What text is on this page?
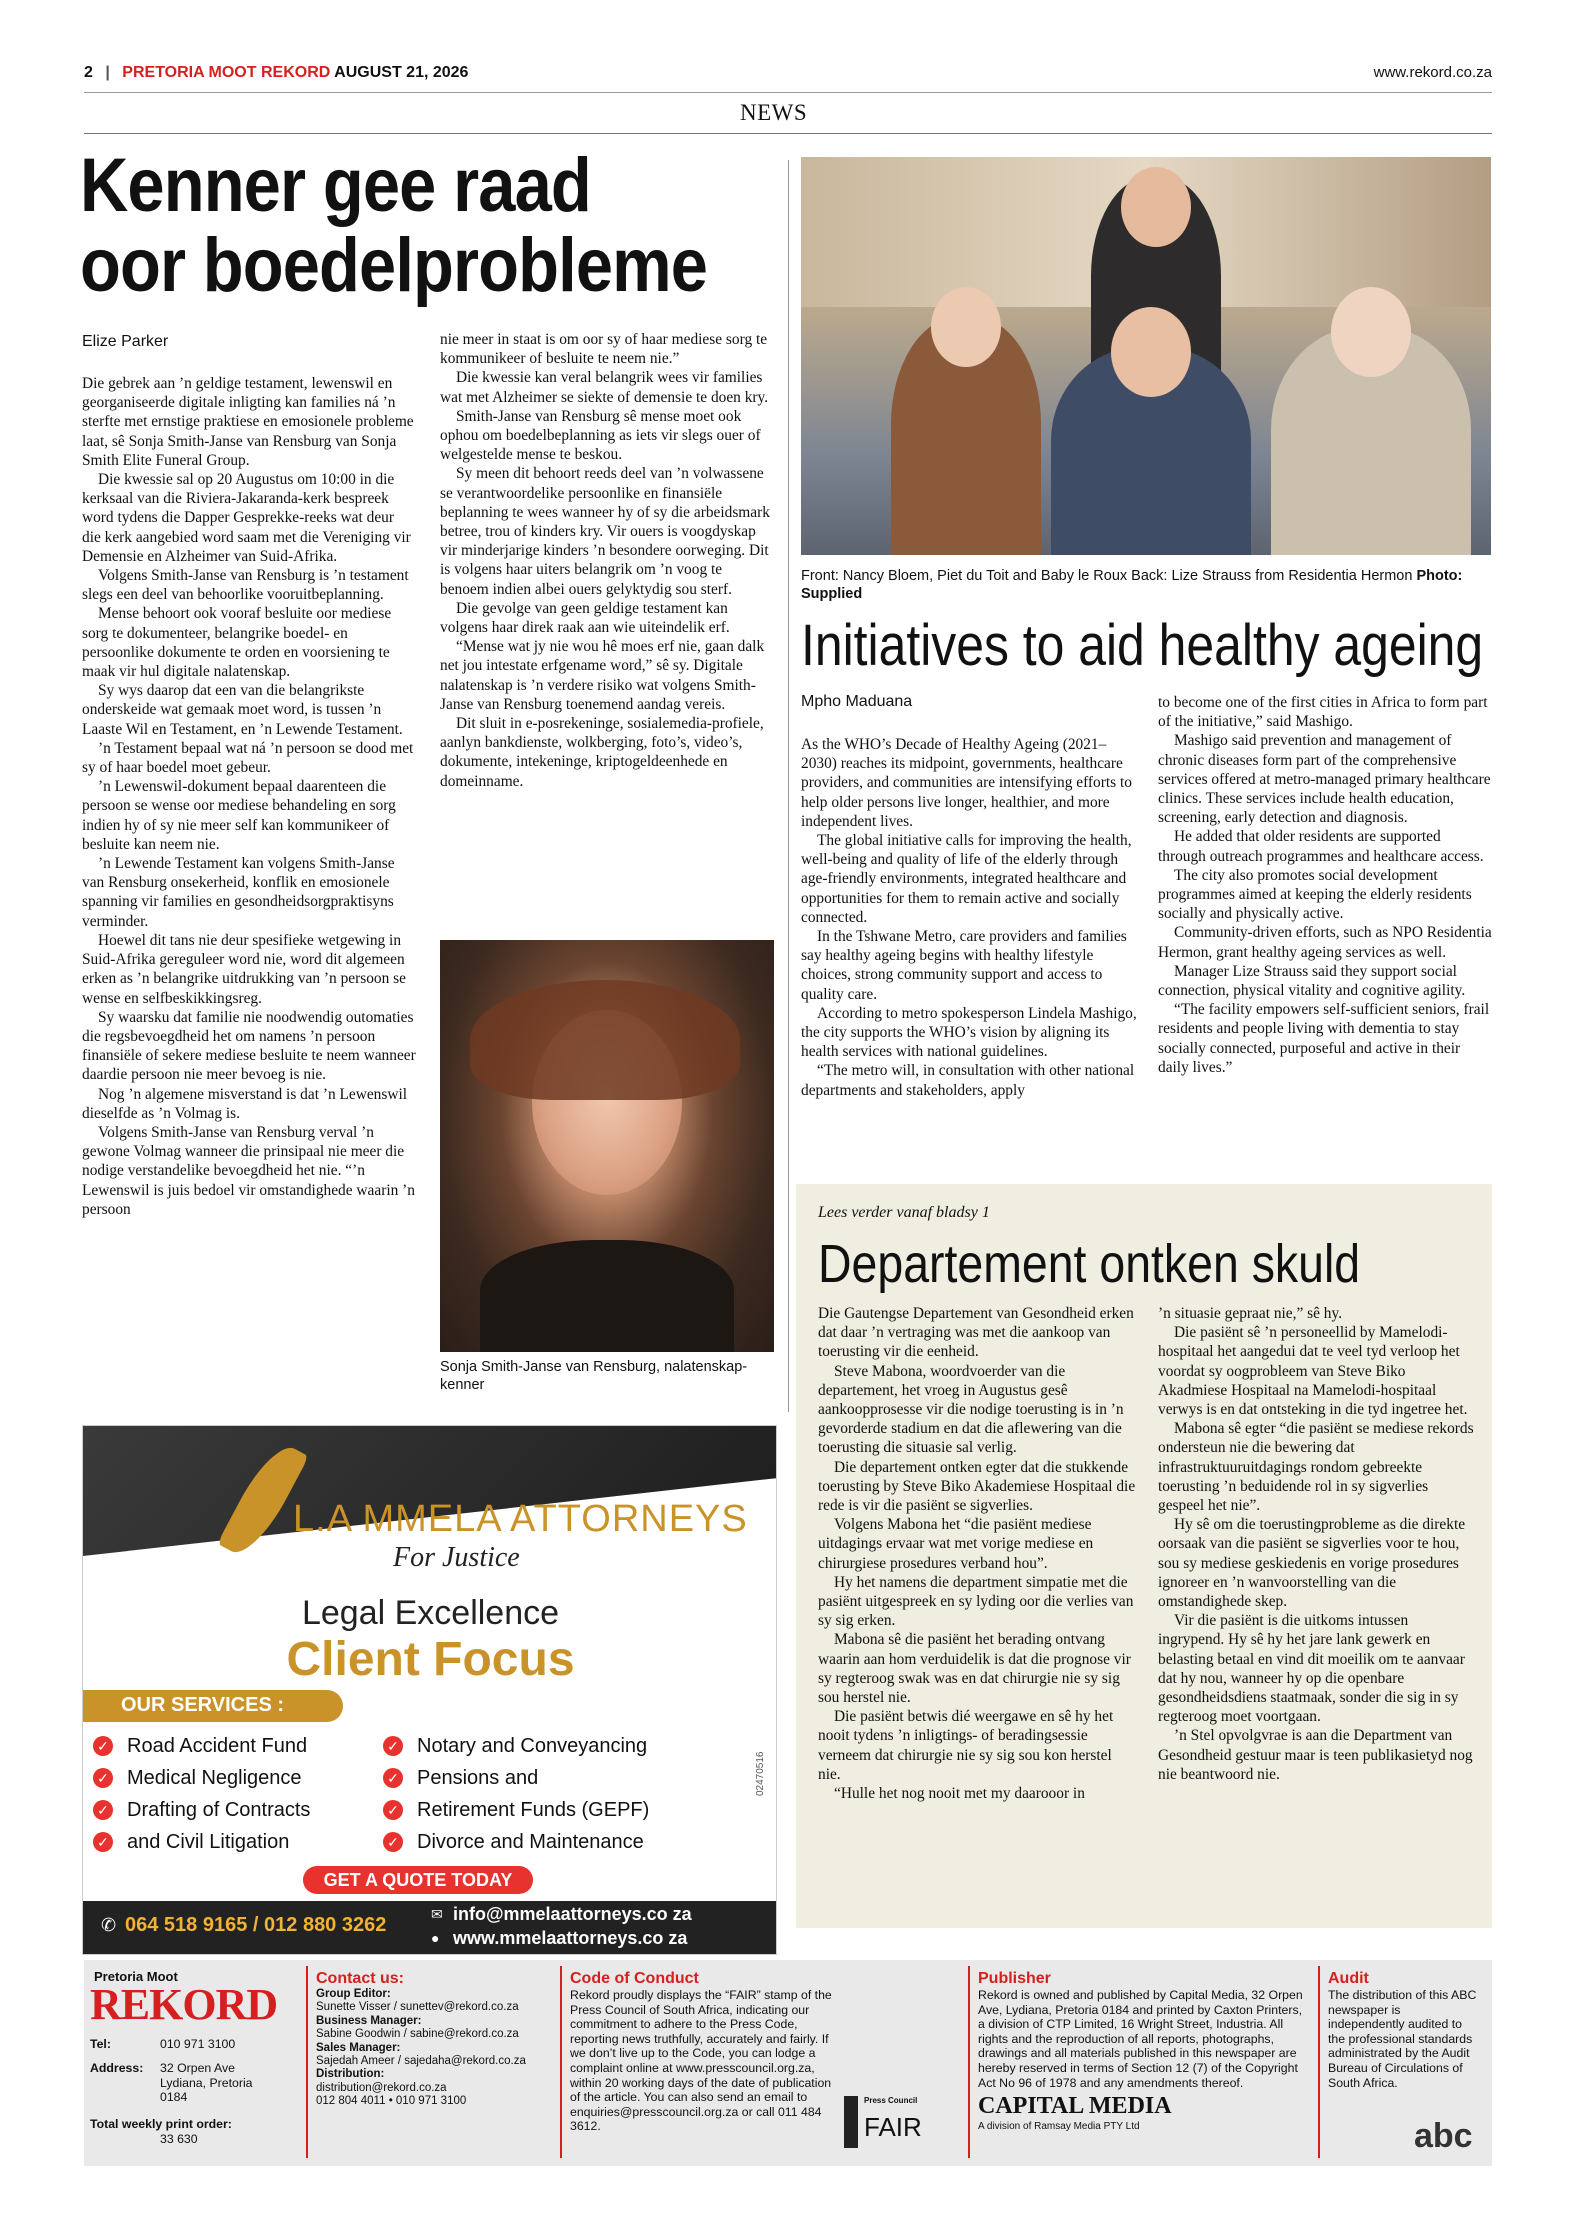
2 | PRETORIA MOOT REKORD AUGUST 21, 2026	www.rekord.co.za
NEWS
Kenner gee raad
oor boedelprobleme
Elize Parker

Die gebrek aan ’n geldige testament, lewenswil en georganiseerde digitale inligting kan families ná ’n sterfte met ernstige praktiese en emosionele probleme laat, sê Sonja Smith-Janse van Rensburg van Sonja Smith Elite Funeral Group.

Die kwessie sal op 20 Augustus om 10:00 in die kerksaal van die Riviera-Jakaranda-kerk bespreek word tydens die Dapper Gesprekke-reeks wat deur die kerk aangebied word saam met die Vereniging vir Demensie en Alzheimer van Suid-Afrika.

Volgens Smith-Janse van Rensburg is ’n testament slegs een deel van behoorlike vooruitbeplanning.

Mense behoort ook vooraf besluite oor mediese sorg te dokumenteer, belangrike boedel- en persoonlike dokumente te orden en voorsiening te maak vir hul digitale nalatenskap.

Sy wys daarop dat een van die belangrikste onderskeide wat gemaak moet word, is tussen ’n Laaste Wil en Testament, en ’n Lewende Testament.

’n Testament bepaal wat ná ’n persoon se dood met sy of haar boedel moet gebeur.

’n Lewenswil-dokument bepaal daarenteen die persoon se wense oor mediese behandeling en sorg indien hy of sy nie meer self kan kommunikeer of besluite kan neem nie.

’n Lewende Testament kan volgens Smith-Janse van Rensburg onsekerheid, konflik en emosionele spanning vir families en gesondheidsorgpraktisyns verminder.

Hoewel dit tans nie deur spesifieke wetgewing in Suid-Afrika gereguleer word nie, word dit algemeen erken as ’n belangrike uitdrukking van ’n persoon se wense en selfbeskikkingsreg.

Sy waarsku dat familie nie noodwendig outomaties die regsbevoegdheid het om namens ’n persoon finansiële of sekere mediese besluite te neem wanneer daardie persoon nie meer bevoeg is nie.

Nog ’n algemene misverstand is dat ’n Lewenswil dieselfde as ’n Volmag is.

Volgens Smith-Janse van Rensburg verval ’n gewone Volmag wanneer die prinsipaal nie meer die nodige verstandelike bevoegdheid het nie. “’n Lewenswil is juis bedoel vir omstandighede waarin ’n persoon

nie meer in staat is om oor sy of haar mediese sorg te kommunikeer of besluite te neem nie.”

Die kwessie kan veral belangrik wees vir families wat met Alzheimer se siekte of demensie te doen kry.

Smith-Janse van Rensburg sê mense moet ook ophou om boedelbeplanning as iets vir slegs ouer of welgestelde mense te beskou.

Sy meen dit behoort reeds deel van ’n volwassene se verantwoordelike persoonlike en finansiële beplanning te wees wanneer hy of sy die arbeidsmark betree, trou of kinders kry. Vir ouers is voogdyskap vir minderjarige kinders ’n besondere oorweging. Dit is volgens haar uiters belangrik om ’n voog te benoem indien albei ouers gelyktydig sou sterf.

Die gevolge van geen geldige testament kan volgens haar direk raak aan wie uiteindelik erf.

“Mense wat jy nie wou hê moes erf nie, gaan dalk net jou intestate erfgename word,” sê sy. Digitale nalatenskap is ’n verdere risiko wat volgens Smith-Janse van Rensburg toenemend aandag vereis.

Dit sluit in e-posrekeninge, sosialemedia-profiele, aanlyn bankdienste, wolkberging, foto’s, video’s, dokumente, intekeninge, kriptogeldeenhede en domeinname.

Sonja Smith-Janse van Rensburg, nalatenskap-kenner
Front: Nancy Bloem, Piet du Toit and Baby le Roux Back: Lize Strauss from Residentia Hermon Photo: Supplied
Initiatives to aid healthy ageing
Mpho Maduana

As the WHO’s Decade of Healthy Ageing (2021–2030) reaches its midpoint, governments, healthcare providers, and communities are intensifying efforts to help older persons live longer, healthier, and more independent lives.

The global initiative calls for improving the health, well-being and quality of life of the elderly through age-friendly environments, integrated healthcare and opportunities for them to remain active and socially connected.

In the Tshwane Metro, care providers and families say healthy ageing begins with healthy lifestyle choices, strong community support and access to quality care.

According to metro spokesperson Lindela Mashigo, the city supports the WHO’s vision by aligning its health services with national guidelines.

“The metro will, in consultation with other national departments and stakeholders, apply

to become one of the first cities in Africa to form part of the initiative,” said Mashigo.

Mashigo said prevention and management of chronic diseases form part of the comprehensive services offered at metro-managed primary healthcare clinics. These services include health education, screening, early detection and diagnosis.

He added that older residents are supported through outreach programmes and healthcare access.

The city also promotes social development programmes aimed at keeping the elderly residents socially and physically active.

Community-driven efforts, such as NPO Residentia Hermon, grant healthy ageing services as well.

Manager Lize Strauss said they support social connection, physical vitality and cognitive agility.

“The facility empowers self-sufficient seniors, frail residents and people living with dementia to stay socially connected, purposeful and active in their daily lives.”

Lees verder vanaf bladsy 1
Departement ontken skuld

Die Gautengse Departement van Gesondheid erken dat daar ’n vertraging was met die aankoop van toerusting vir die eenheid.

Steve Mabona, woordvoerder van die departement, het vroeg in Augustus gesê aankoopprosesse vir die nodige toerusting is in ’n gevorderde stadium en dat die aflewering van die toerusting die situasie sal verlig.

Die departement ontken egter dat die stukkende toerusting by Steve Biko Akademiese Hospitaal die rede is vir die pasiënt se sigverlies.

Volgens Mabona het “die pasiënt mediese uitdagings ervaar wat met vorige mediese en chirurgiese prosedures verband hou”.

Hy het namens die department simpatie met die pasiënt uitgespreek en sy lyding oor die verlies van sy sig erken.

Mabona sê die pasiënt het berading ontvang waarin aan hom verduidelik is dat die prognose vir sy regteroog swak was en dat chirurgie nie sy sig sou herstel nie.

Die pasiënt betwis dié weergawe en sê hy het nooit tydens ’n inligtings- of beradingsessie verneem dat chirurgie nie sy sig sou kon herstel nie.

“Hulle het nog nooit met my daarooor in

’n situasie gepraat nie,” sê hy.

Die pasiënt sê ’n personeellid by Mamelodi-hospitaal het aangedui dat te veel tyd verloop het voordat sy oogprobleem van Steve Biko Akadmiese Hospitaal na Mamelodi-hospitaal verwys is en dat ontsteking in die tyd ingetree het.

Mabona sê egter “die pasiënt se mediese rekords ondersteun nie die bewering dat infrastruktuuruitdagings rondom gebreekte toerusting ’n beduidende rol in sy sigverlies gespeel het nie”.

Hy sê om die toerustingprobleme as die direkte oorsaak van die pasiënt se sigverlies voor te hou, sou sy mediese geskiedenis en vorige prosedures ignoreer en ’n wanvoorstelling van die omstandighede skep.

Vir die pasiënt is die uitkoms intussen ingrypend. Hy sê hy het jare lank gewerk en belasting betaal en vind dit moeilik om te aanvaar dat hy nou, wanneer hy op die openbare gesondheidsdiens staatmaak, sonder die sig in sy regteroog moet voortgaan.

’n Stel opvolgvrae is aan die Department van Gesondheid gestuur maar is teen publikasietyd nog nie beantwoord nie.

L.A MMELA ATTORNEYS
For Justice
Legal Excellence
Client Focus
OUR SERVICES :
✓ Road Accident Fund
✓ Medical Negligence
✓ Drafting of Contracts
✓ and Civil Litigation
✓ Notary and Conveyancing
✓ Pensions and
✓ Retirement Funds (GEPF)
✓ Divorce and Maintenance
GET A QUOTE TODAY
02470516
✆ 064 518 9165 / 012 880 3262	✉ info@mmelaattorneys.co za
● www.mmelaattorneys.co za
Pretoria Moot
REKORD
Tel:	010 971 3100
Address:	32 Orpen Ave
Lydiana, Pretoria
0184
Total weekly print order:
33 630
Contact us:
Group Editor:
Sunette Visser / sunettev@rekord.co.za
Business Manager:
Sabine Goodwin / sabine@rekord.co.za
Sales Manager:
Sajedah Ameer / sajedaha@rekord.co.za
Distribution:
distribution@rekord.co.za
012 804 4011 • 010 971 3100
Code of Conduct
Rekord proudly displays the “FAIR” stamp of the Press Council of South Africa, indicating our commitment to adhere to the Press Code, reporting news truthfully, accurately and fairly. If we don’t live up to the Code, you can lodge a complaint online at www.presscouncil.org.za, within 20 working days of the date of publication of the article. You can also send an email to enquiries@presscouncil.org.za or call 011 484 3612.
Press Council
FAIR
Publisher
Rekord is owned and published by Capital Media, 32 Orpen Ave, Lydiana, Pretoria 0184 and printed by Caxton Printers, a division of CTP Limited, 16 Wright Street, Industria. All rights and the reproduction of all reports, photographs, drawings and all materials published in this newspaper are hereby reserved in terms of Section 12 (7) of the Copyright Act No 96 of 1978 and any amendments thereof.
CAPITAL MEDIA
A division of Ramsay Media PTY Ltd
Audit
The distribution of this ABC newspaper is independently audited to the professional standards administrated by the Audit Bureau of Circulations of South Africa.
abc
